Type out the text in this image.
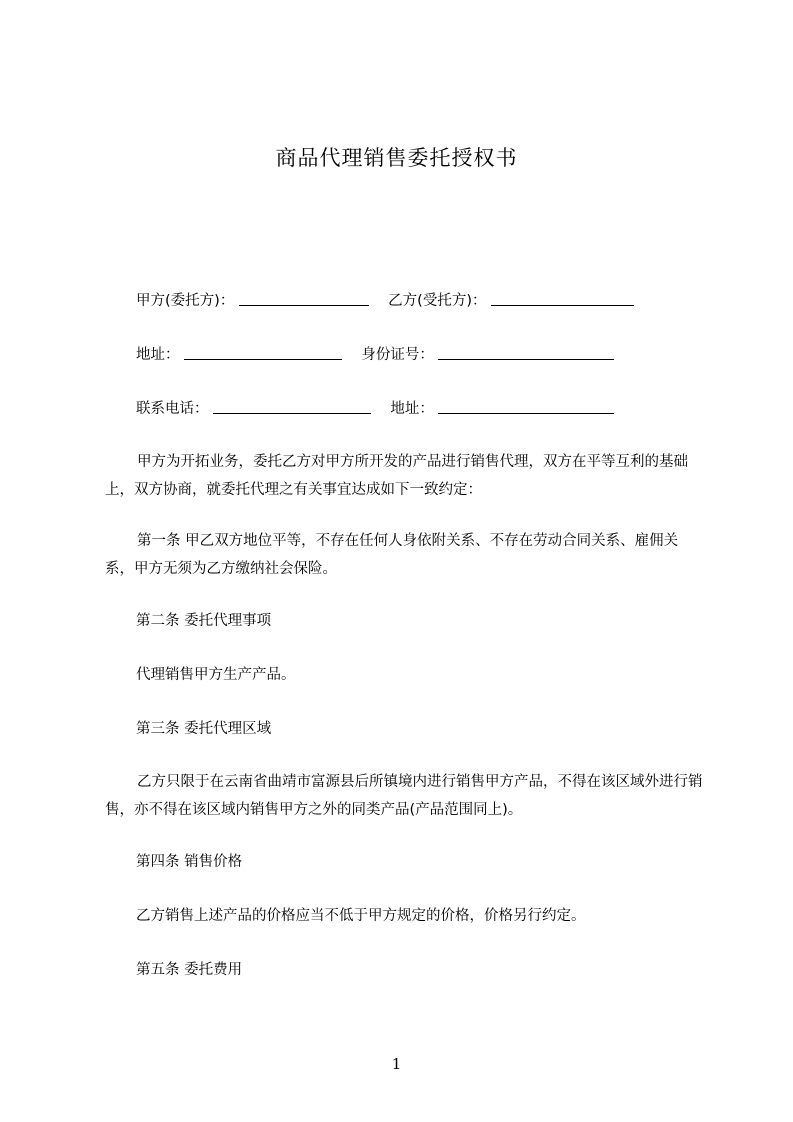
商品代理销售委托授权书
甲方(委托方)：	乙方(受托方)：
地址：	身份证号：
联系电话：	地址：

甲方为开拓业务，委托乙方对甲方所开发的产品进行销售代理，双方在平等互利的基础上，双方协商，就委托代理之有关事宜达成如下一致约定：

第一条 甲乙双方地位平等，不存在任何人身依附关系、不存在劳动合同关系、雇佣关系，甲方无须为乙方缴纳社会保险。

第二条 委托代理事项
代理销售甲方生产产品。
第三条 委托代理区域

乙方只限于在云南省曲靖市富源县后所镇境内进行销售甲方产品，不得在该区域外进行销售，亦不得在该区域内销售甲方之外的同类产品(产品范围同上)。

第四条 销售价格
乙方销售上述产品的价格应当不低于甲方规定的价格，价格另行约定。
第五条 委托费用
1
